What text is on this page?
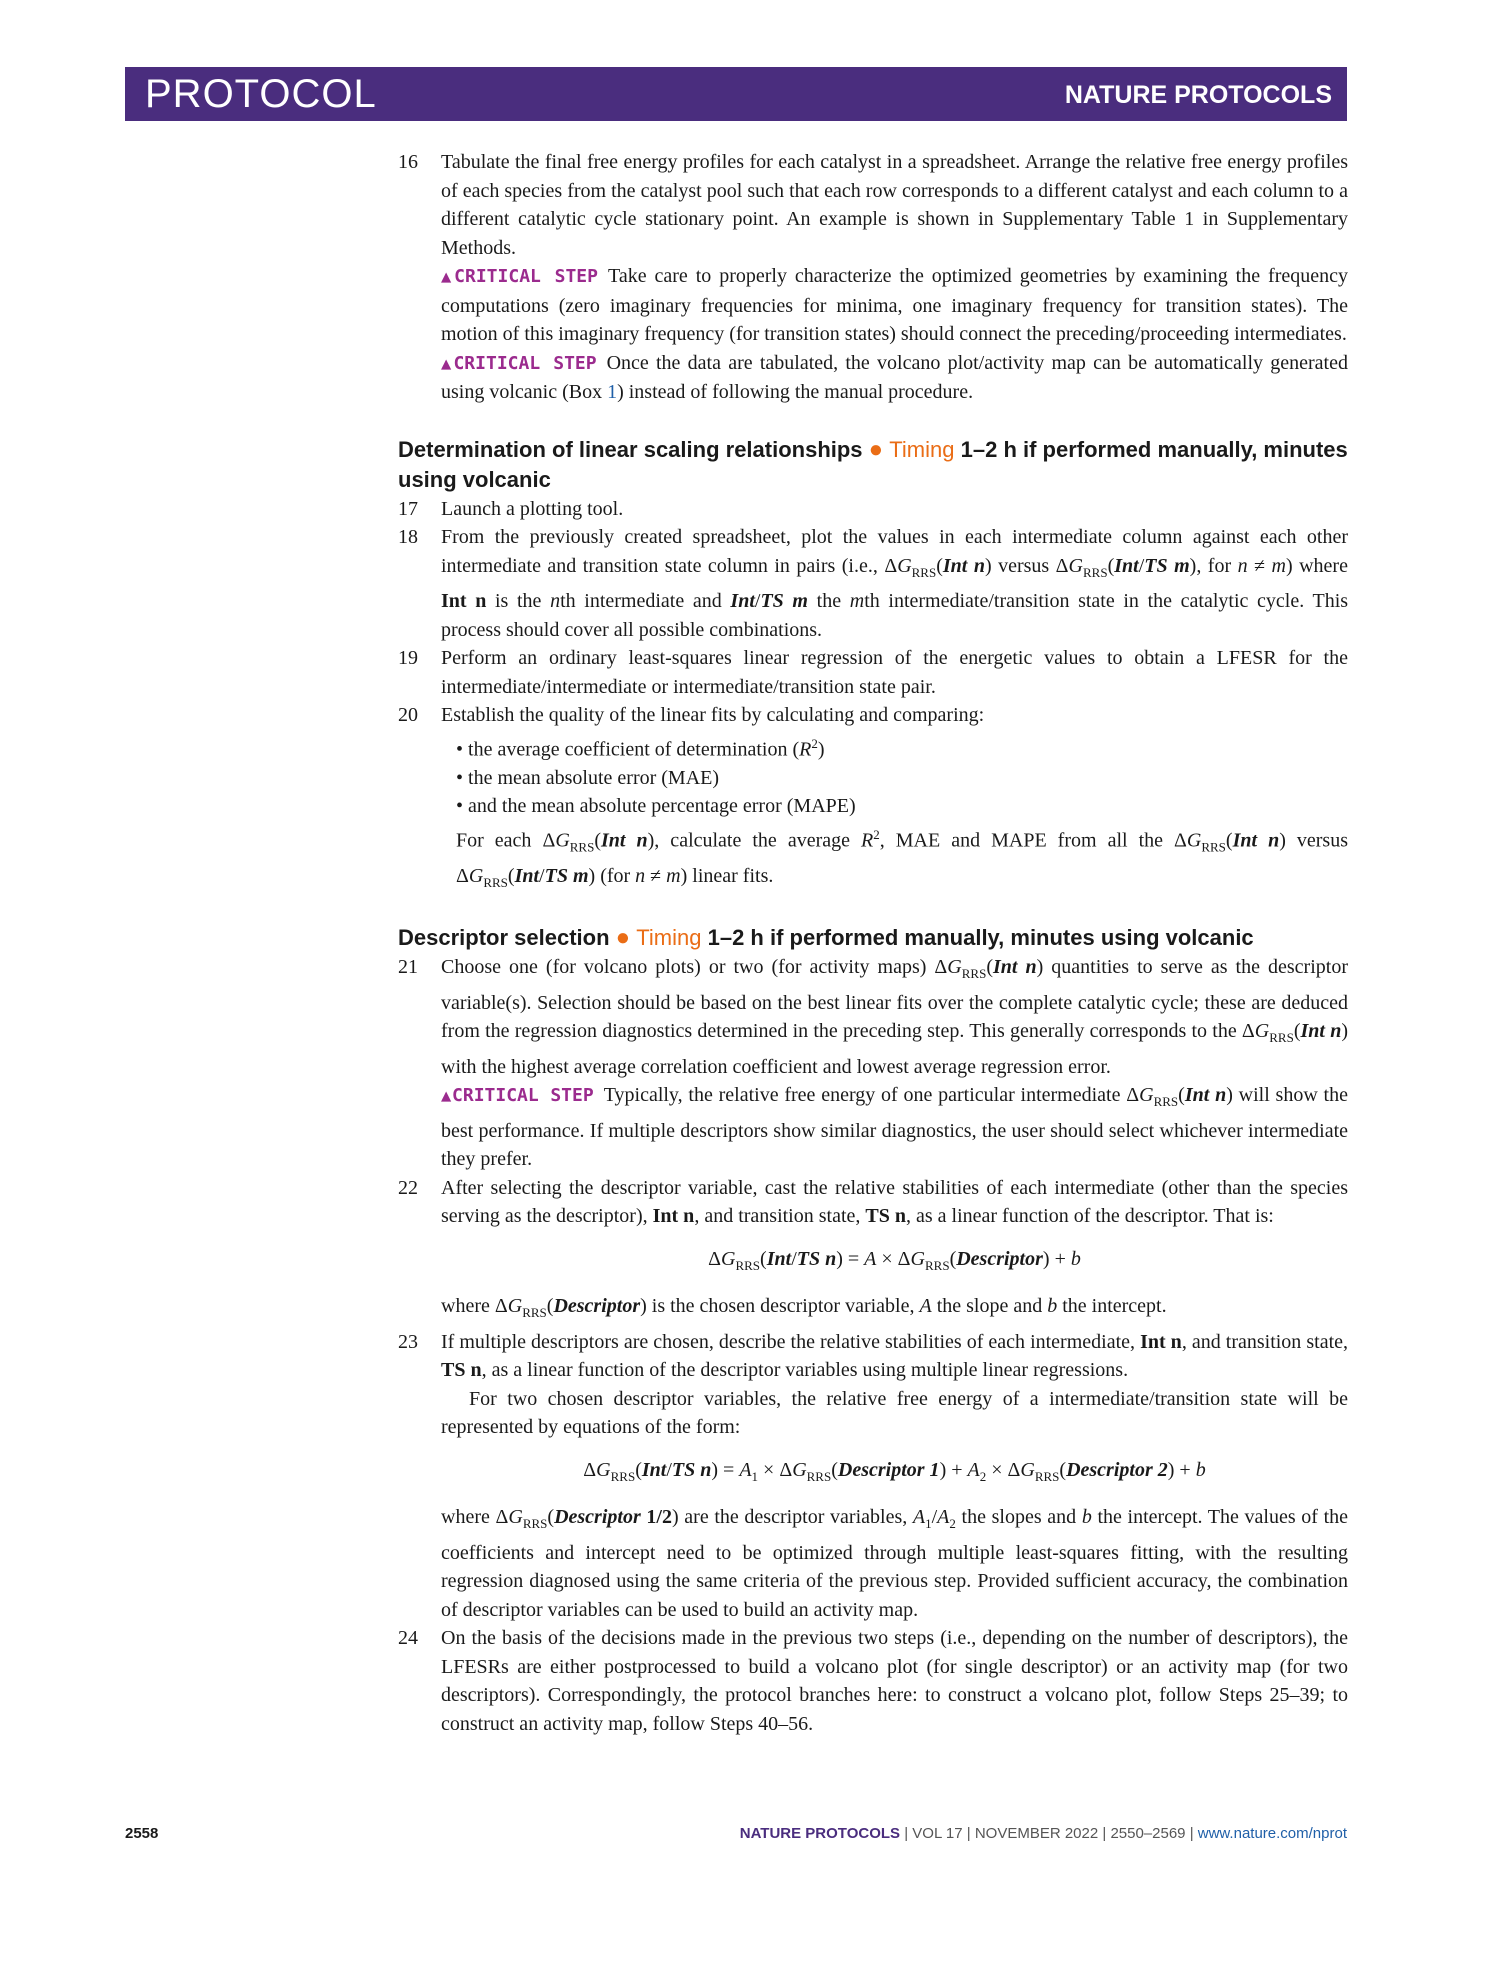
PROTOCOL	NATURE PROTOCOLS
16	Tabulate the final free energy profiles for each catalyst in a spreadsheet. Arrange the relative free energy profiles of each species from the catalyst pool such that each row corresponds to a different catalyst and each column to a different catalytic cycle stationary point. An example is shown in Supplementary Table 1 in Supplementary Methods.

▲CRITICAL STEP Take care to properly characterize the optimized geometries by examining the frequency computations (zero imaginary frequencies for minima, one imaginary frequency for transition states). The motion of this imaginary frequency (for transition states) should connect the preceding/proceeding intermediates.

▲CRITICAL STEP Once the data are tabulated, the volcano plot/activity map can be automatically generated using volcanic (Box 1) instead of following the manual procedure.

Determination of linear scaling relationships ● Timing 1–2 h if performed manually, minutes using volcanic

17	Launch a plotting tool.

18	From the previously created spreadsheet, plot the values in each intermediate column against each other intermediate and transition state column in pairs (i.e., $\Delta G_{RRS}(Int$ n) versus $\Delta G_{RRS}(Int/TS$ m), for n ≠ m) where Int n is the nth intermediate and Int/TS m the mth intermediate/transition state in the catalytic cycle. This process should cover all possible combinations.

19	Perform an ordinary least-squares linear regression of the energetic values to obtain a LFESR for the intermediate/intermediate or intermediate/transition state pair.

20	Establish the quality of the linear fits by calculating and comparing:

• the average coefficient of determination $(R^2)$

• the mean absolute error (MAE)

• and the mean absolute percentage error (MAPE)

For each $\Delta G_{RRS}(Int$ n), calculate the average $R^2$, MAE and MAPE from all the $\Delta G_{RRS}(Int$ n) versus $\Delta G_{RRS}(Int/TS$ m) (for n ≠ m) linear fits.

Descriptor selection ● Timing 1–2 h if performed manually, minutes using volcanic

21	Choose one (for volcano plots) or two (for activity maps) $\Delta G_{RRS}(Int$ n) quantities to serve as the descriptor variable(s). Selection should be based on the best linear fits over the complete catalytic cycle; these are deduced from the regression diagnostics determined in the preceding step. This generally corresponds to the $\Delta G_{RRS}(Int$ n) with the highest average correlation coefficient and lowest average regression error.

▲CRITICAL STEP Typically, the relative free energy of one particular intermediate $\Delta G_{RRS}(Int$ n) will show the best performance. If multiple descriptors show similar diagnostics, the user should select whichever intermediate they prefer.

22	After selecting the descriptor variable, cast the relative stabilities of each intermediate (other than the species serving as the descriptor), Int n, and transition state, TS n, as a linear function of the descriptor. That is:

$\Delta G_{RRS}(Int/TS$ $n) = A \times \Delta G_{RRS}(Descriptor) + b$

where $\Delta G_{RRS}(Descriptor)$ is the chosen descriptor variable, A the slope and b the intercept.

23	If multiple descriptors are chosen, describe the relative stabilities of each intermediate, Int n, and transition state, TS n, as a linear function of the descriptor variables using multiple linear regressions.

For two chosen descriptor variables, the relative free energy of a intermediate/transition state will be represented by equations of the form:

$\Delta G_{RRS}(Int/TS$ $n) = A_1$ × $\Delta G_{RRS}(Descriptor$ $1) + A_2$ × $\Delta G_{RRS}(Descriptor$ 2) + b

where $\Delta G_{RRS}(Descriptor$ 1/2) are the descriptor variables, $A_1/A_2$ the slopes and b the intercept. The values of the coefficients and intercept need to be optimized through multiple least-squares fitting, with the resulting regression diagnosed using the same criteria of the previous step. Provided sufficient accuracy, the combination of descriptor variables can be used to build an activity map.

24	On the basis of the decisions made in the previous two steps (i.e., depending on the number of descriptors), the LFESRs are either postprocessed to build a volcano plot (for single descriptor) or an activity map (for two descriptors). Correspondingly, the protocol branches here: to construct a volcano plot, follow Steps 25–39; to construct an activity map, follow Steps 40–56.

2558	NATURE PROTOCOLS | VOL 17 | NOVEMBER 2022 | 2550–2569 | www.nature.com/nprot
